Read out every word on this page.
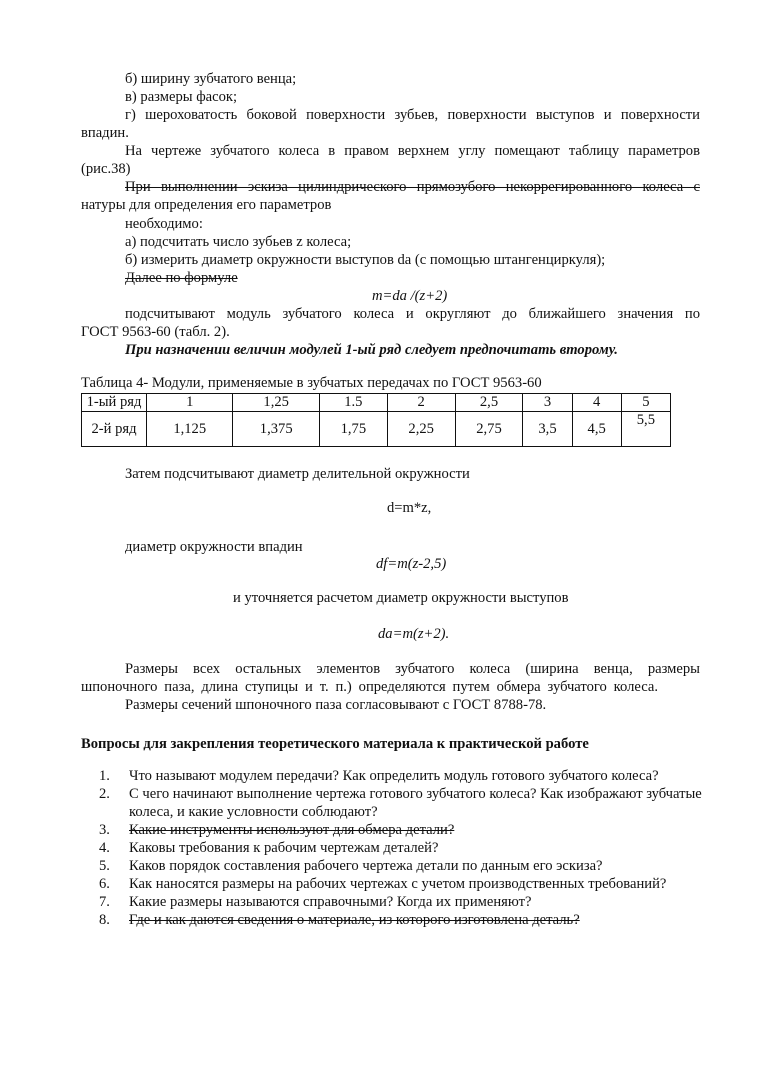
б) ширину зубчатого венца;
в) размеры фасок;
г) шероховатость боковой поверхности зубьев, поверхности выступов и поверхности
впадин.
На чертеже зубчатого колеса в правом верхнем углу помещают таблицу параметров
(рис.38)
При выполнении эскиза цилиндрического прямозубого некоррегированного колеса с
натуры для определения его параметров
необходимо:
а) подсчитать число зубьев z колеса;
б) измерить диаметр окружности выступов da (с помощью штангенциркуля);
Далее по формуле
m=da /(z+2)
подсчитывают модуль зубчатого колеса и округляют до ближайшего значения по
ГОСТ 9563-60 (табл. 2).
При назначении величин модулей 1-ый ряд следует предпочитать второму.
Таблица 4- Модули, применяемые в зубчатых передачах по ГОСТ 9563-60
1-ый ряд	1	1,25	1.5	2	2,5	3	4	5
2-й ряд	1,125	1,375	1,75	2,25	2,75	3,5	4,5	5,5
Затем подсчитывают диаметр делительной окружности
d=m*z,
диаметр окружности впадин
df=m(z-2,5)
и уточняется расчетом диаметр окружности выступов
da=m(z+2).
Размеры всех остальных элементов зубчатого колеса (ширина венца, размеры
шпоночного паза, длина ступицы и т. п.) определяются путем обмера зубчатого колеса.
Размеры сечений шпоночного паза согласовывают с ГОСТ 8788-78.
Вопросы для закрепления теоретического материала к практической работе
1. Что называют модулем передачи? Как определить модуль готового зубчатого колеса?
2. С чего начинают выполнение чертежа готового зубчатого колеса? Как изображают зубчатые колеса, и какие условности соблюдают?
3. Какие инструменты используют для обмера детали?
4. Каковы требования к рабочим чертежам деталей?
5. Каков порядок составления рабочего чертежа детали по данным его эскиза?
6. Как наносятся размеры на рабочих чертежах с учетом производственных требований?
7. Какие размеры называются справочными? Когда их применяют?
8. Где и как даются сведения о материале, из которого изготовлена деталь?
